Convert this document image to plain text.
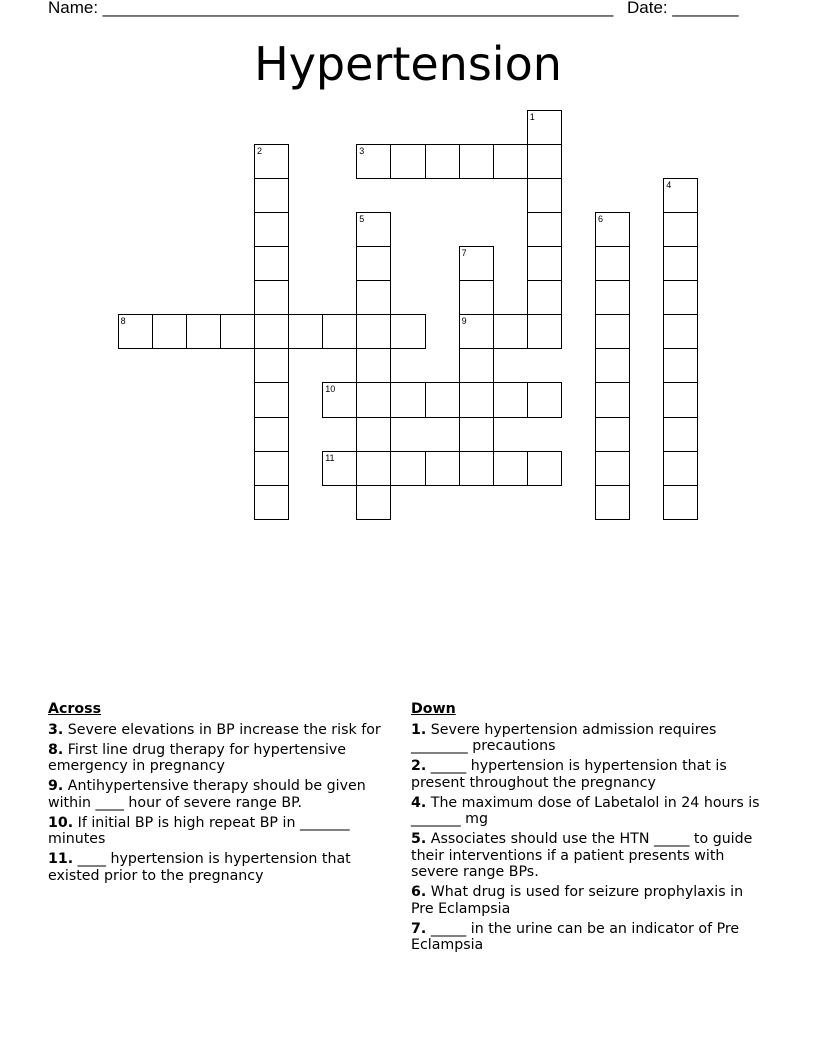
Name: ______________________________________________________ Date: _______
Hypertension
1
2	3
4
5	6
7
8	9
10
11
Across
3. Severe elevations in BP increase the risk for
8. First line drug therapy for hypertensive emergency in pregnancy
9. Antihypertensive therapy should be given within ____ hour of severe range BP.
10. If initial BP is high repeat BP in _______ minutes
11. ____ hypertension is hypertension that existed prior to the pregnancy
Down
1. Severe hypertension admission requires ________ precautions
2. _____ hypertension is hypertension that is present throughout the pregnancy
4. The maximum dose of Labetalol in 24 hours is _______ mg
5. Associates should use the HTN _____ to guide their interventions if a patient presents with severe range BPs.
6. What drug is used for seizure prophylaxis in Pre Eclampsia
7. _____ in the urine can be an indicator of Pre Eclampsia
